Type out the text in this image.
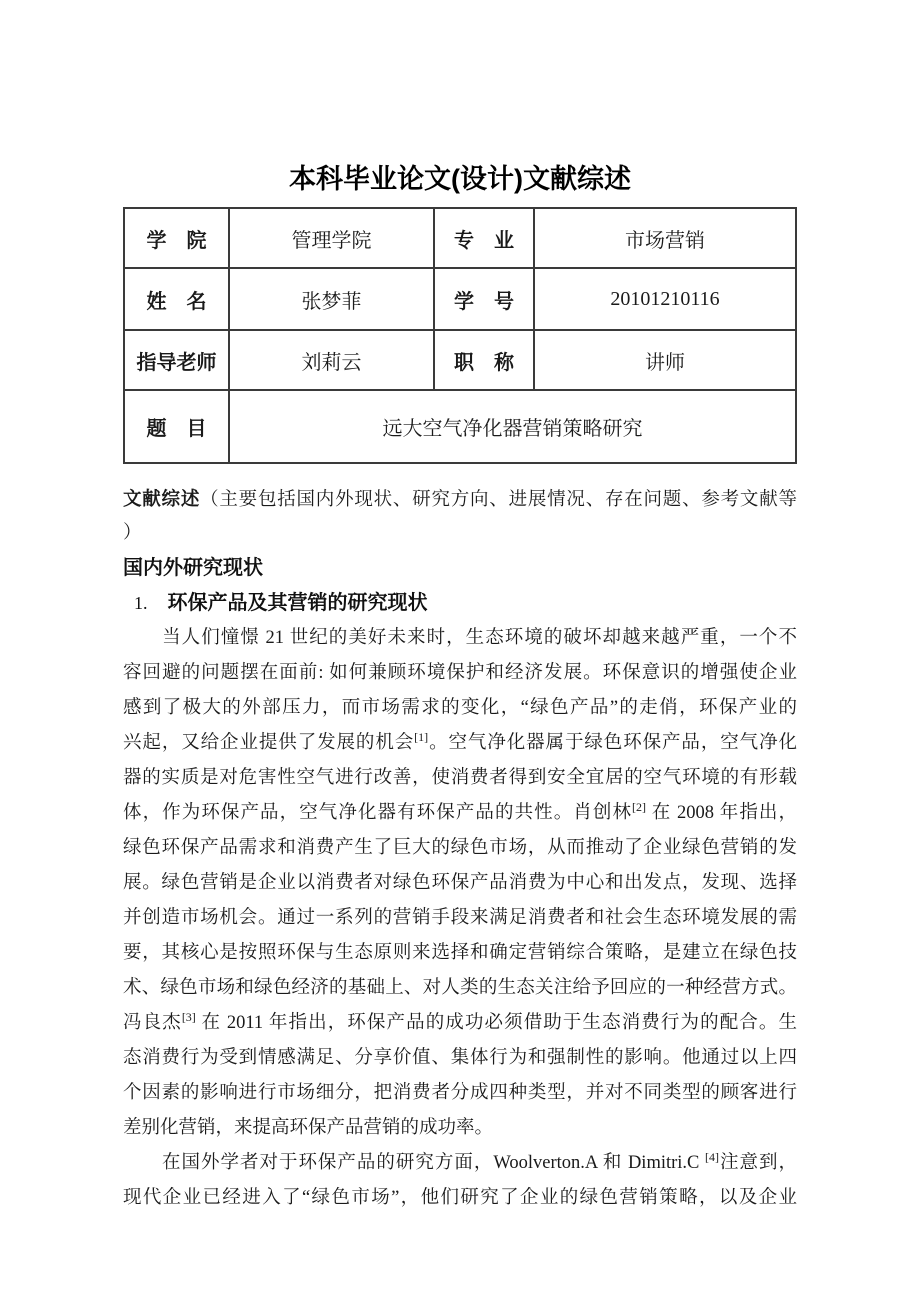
本科毕业论文(设计)文献综述
学　院	管理学院	专　业	市场营销
姓　名	张梦菲	学　号	20101210116
指导老师	刘莉云	职　称	讲师
题　目	远大空气净化器营销策略研究		
文献综述（主要包括国内外现状、研究方向、进展情况、存在问题、参考文献等
）
国内外研究现状
1. 环保产品及其营销的研究现状
　　当人们憧憬 21 世纪的美好未来时，生态环境的破坏却越来越严重，一个不
容回避的问题摆在面前: 如何兼顾环境保护和经济发展。环保意识的增强使企业
感到了极大的外部压力，而市场需求的变化，“绿色产品”的走俏，环保产业的
兴起，又给企业提供了发展的机会[1]。空气净化器属于绿色环保产品，空气净化
器的实质是对危害性空气进行改善，使消费者得到安全宜居的空气环境的有形载
体，作为环保产品，空气净化器有环保产品的共性。肖创林[2] 在 2008 年指出，
绿色环保产品需求和消费产生了巨大的绿色市场，从而推动了企业绿色营销的发
展。绿色营销是企业以消费者对绿色环保产品消费为中心和出发点，发现、选择
并创造市场机会。通过一系列的营销手段来满足消费者和社会生态环境发展的需
要，其核心是按照环保与生态原则来选择和确定营销综合策略，是建立在绿色技
术、绿色市场和绿色经济的基础上、对人类的生态关注给予回应的一种经营方式。
冯良杰[3] 在 2011 年指出，环保产品的成功必须借助于生态消费行为的配合。生
态消费行为受到情感满足、分享价值、集体行为和强制性的影响。他通过以上四
个因素的影响进行市场细分，把消费者分成四种类型，并对不同类型的顾客进行
差别化营销，来提高环保产品营销的成功率。
　　在国外学者对于环保产品的研究方面，Woolverton.A 和 Dimitri.C [4]注意到，
现代企业已经进入了“绿色市场”，他们研究了企业的绿色营销策略，以及企业
